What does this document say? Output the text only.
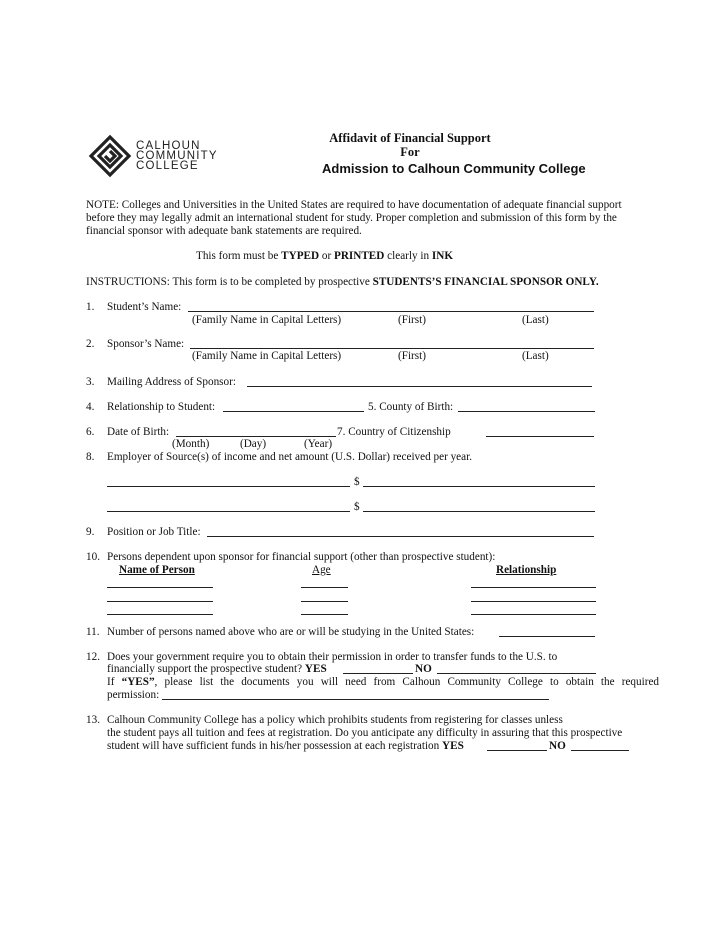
CALHOUN
COMMUNITY
COLLEGE
Affidavit of Financial Support
For
Admission to Calhoun Community College
NOTE: Colleges and Universities in the United States are required to have documentation of adequate financial support
before they may legally admit an international student for study. Proper completion and submission of this form by the
financial sponsor with adequate bank statements are required.
This form must be TYPED or PRINTED clearly in INK
INSTRUCTIONS: This form is to be completed by prospective STUDENTS’S FINANCIAL SPONSOR ONLY.
1. Student’s Name:
(Family Name in Capital Letters)	(First)	(Last)
2. Sponsor’s Name:
(Family Name in Capital Letters)	(First)	(Last)
3. Mailing Address of Sponsor:
4. Relationship to Student:	5. County of Birth:
6. Date of Birth:	7. Country of Citizenship
(Month)	(Day)	(Year)
8. Employer of Source(s) of income and net amount (U.S. Dollar) received per year.
$
$
9. Position or Job Title:
10. Persons dependent upon sponsor for financial support (other than prospective student):
Name of Person	Age	Relationship
11. Number of persons named above who are or will be studying in the United States:
12. Does your government require you to obtain their permission in order to transfer funds to the U.S. to
financially support the prospective student? YES	NO
If “YES”, please list the documents you will need from Calhoun Community College to obtain the required
permission:
13. Calhoun Community College has a policy which prohibits students from registering for classes unless
the student pays all tuition and fees at registration. Do you anticipate any difficulty in assuring that this prospective
student will have sufficient funds in his/her possession at each registration YES	NO
